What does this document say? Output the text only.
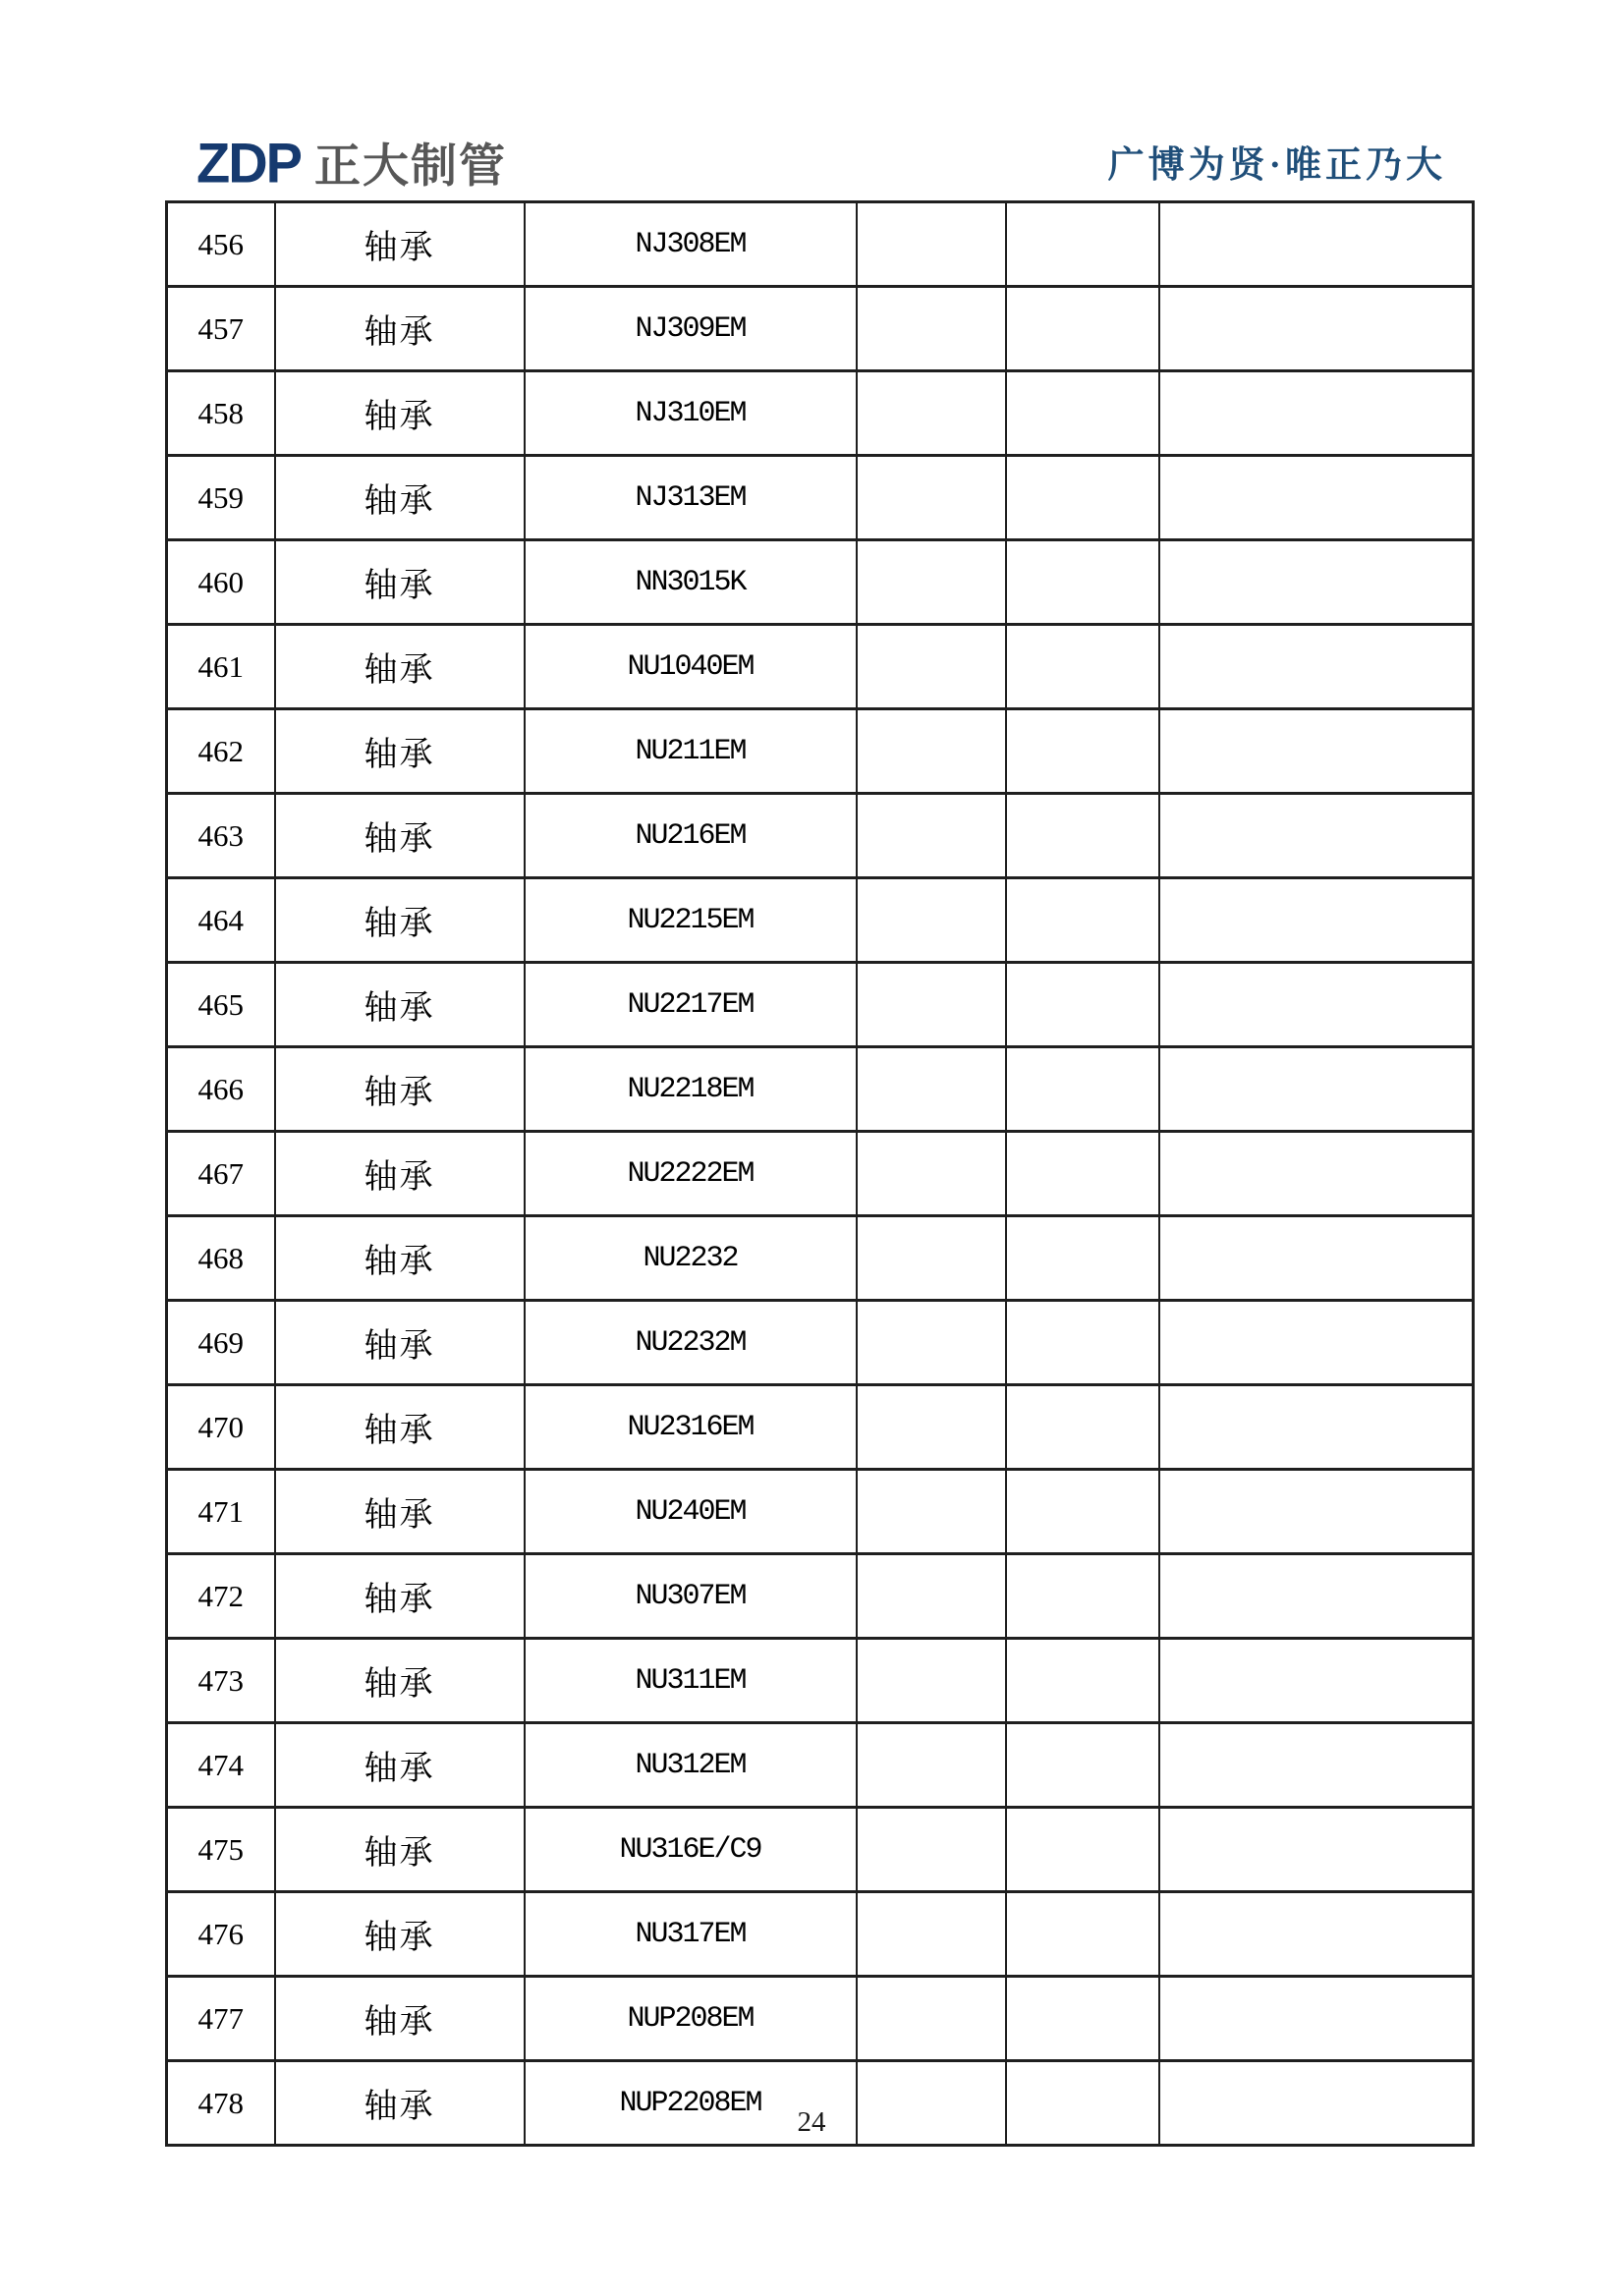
ZDP 正大制管	广博为贤·唯正乃大
456	轴承	NJ308EM			
457	轴承	NJ309EM			
458	轴承	NJ310EM			
459	轴承	NJ313EM			
460	轴承	NN3015K			
461	轴承	NU1040EM			
462	轴承	NU211EM			
463	轴承	NU216EM			
464	轴承	NU2215EM			
465	轴承	NU2217EM			
466	轴承	NU2218EM			
467	轴承	NU2222EM			
468	轴承	NU2232			
469	轴承	NU2232M			
470	轴承	NU2316EM			
471	轴承	NU240EM			
472	轴承	NU307EM			
473	轴承	NU311EM			
474	轴承	NU312EM			
475	轴承	NU316E/C9			
476	轴承	NU317EM			
477	轴承	NUP208EM			
478	轴承	NUP2208EM			
24
